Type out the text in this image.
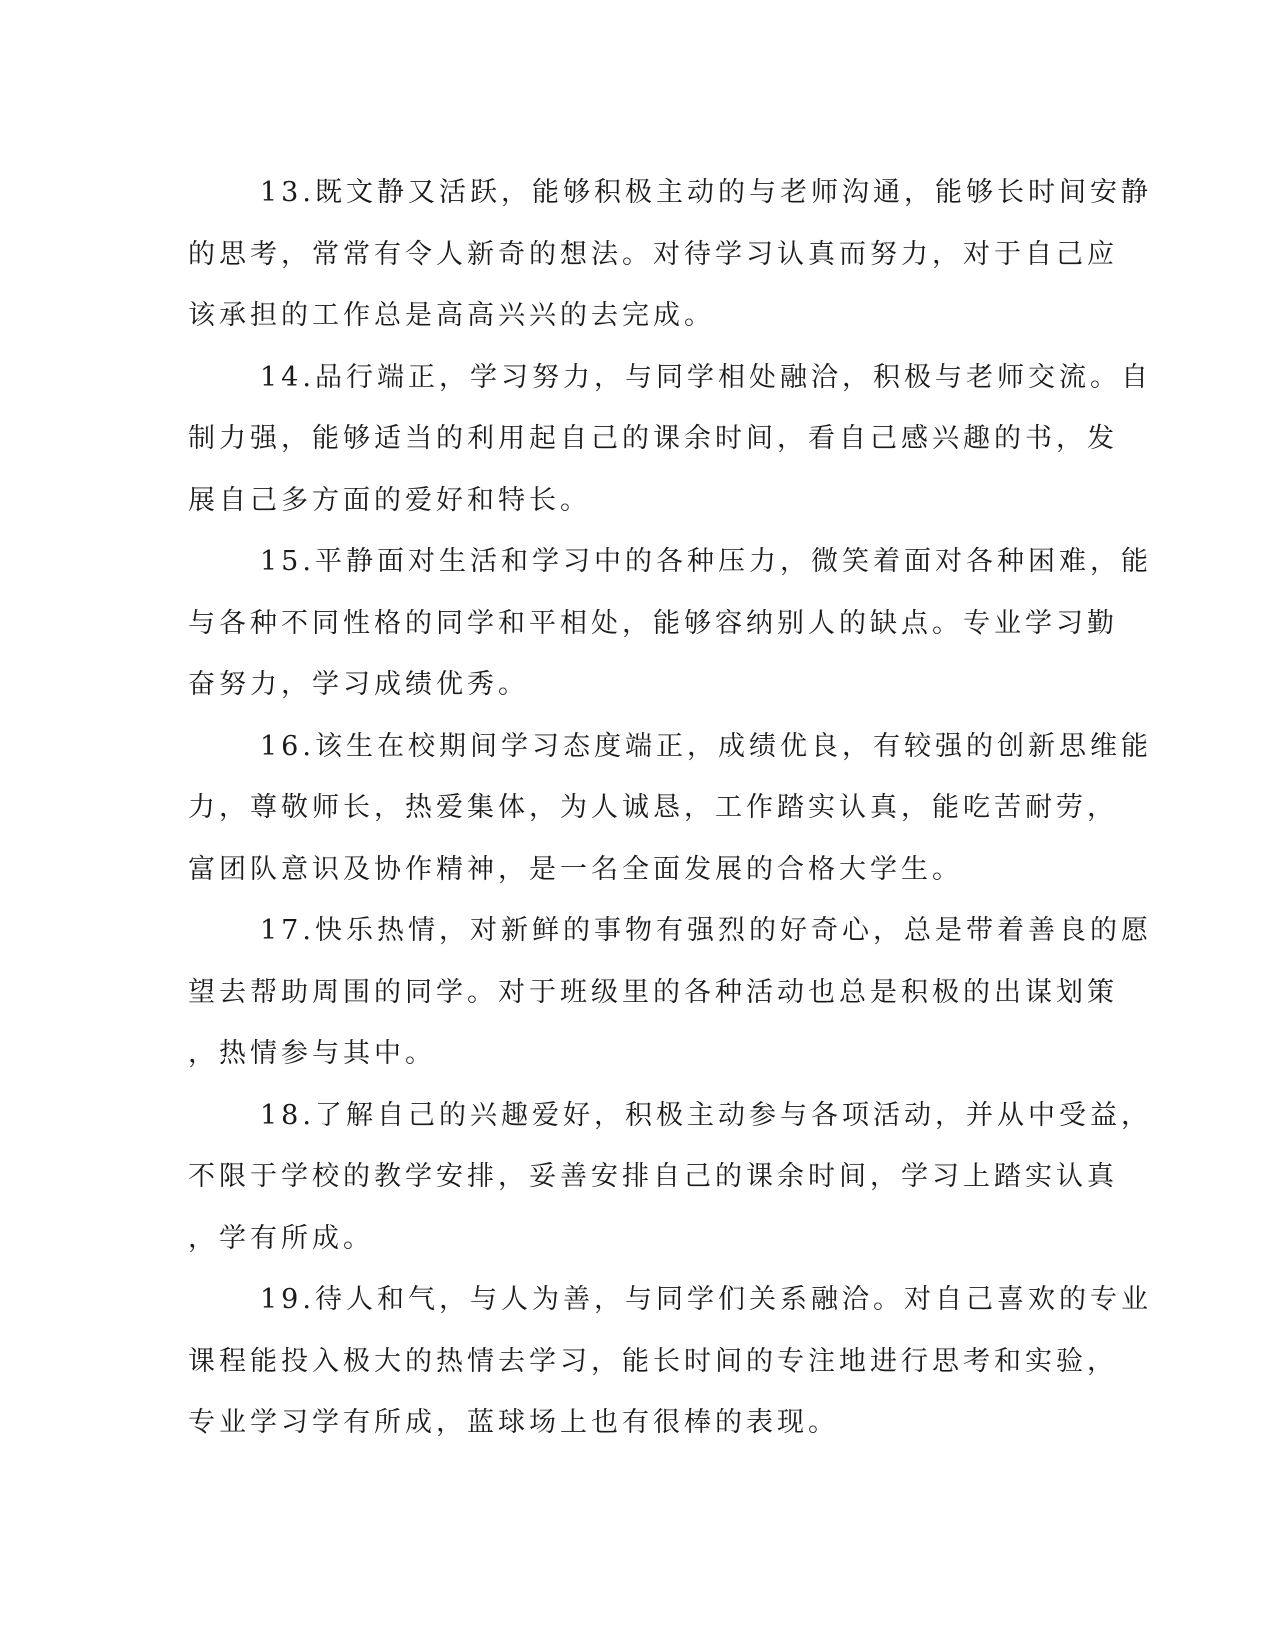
13.既文静又活跃，能够积极主动的与老师沟通，能够长时间安静
的思考，常常有令人新奇的想法。对待学习认真而努力，对于自己应
该承担的工作总是高高兴兴的去完成。
14.品行端正，学习努力，与同学相处融洽，积极与老师交流。自
制力强，能够适当的利用起自己的课余时间，看自己感兴趣的书，发
展自己多方面的爱好和特长。
15.平静面对生活和学习中的各种压力，微笑着面对各种困难，能
与各种不同性格的同学和平相处，能够容纳别人的缺点。专业学习勤
奋努力，学习成绩优秀。
16.该生在校期间学习态度端正，成绩优良，有较强的创新思维能
力，尊敬师长，热爱集体，为人诚恳，工作踏实认真，能吃苦耐劳，
富团队意识及协作精神，是一名全面发展的合格大学生。
17.快乐热情，对新鲜的事物有强烈的好奇心，总是带着善良的愿
望去帮助周围的同学。对于班级里的各种活动也总是积极的出谋划策
，热情参与其中。
18.了解自己的兴趣爱好，积极主动参与各项活动，并从中受益，
不限于学校的教学安排，妥善安排自己的课余时间，学习上踏实认真
，学有所成。
19.待人和气，与人为善，与同学们关系融洽。对自己喜欢的专业
课程能投入极大的热情去学习，能长时间的专注地进行思考和实验，
专业学习学有所成，蓝球场上也有很棒的表现。
